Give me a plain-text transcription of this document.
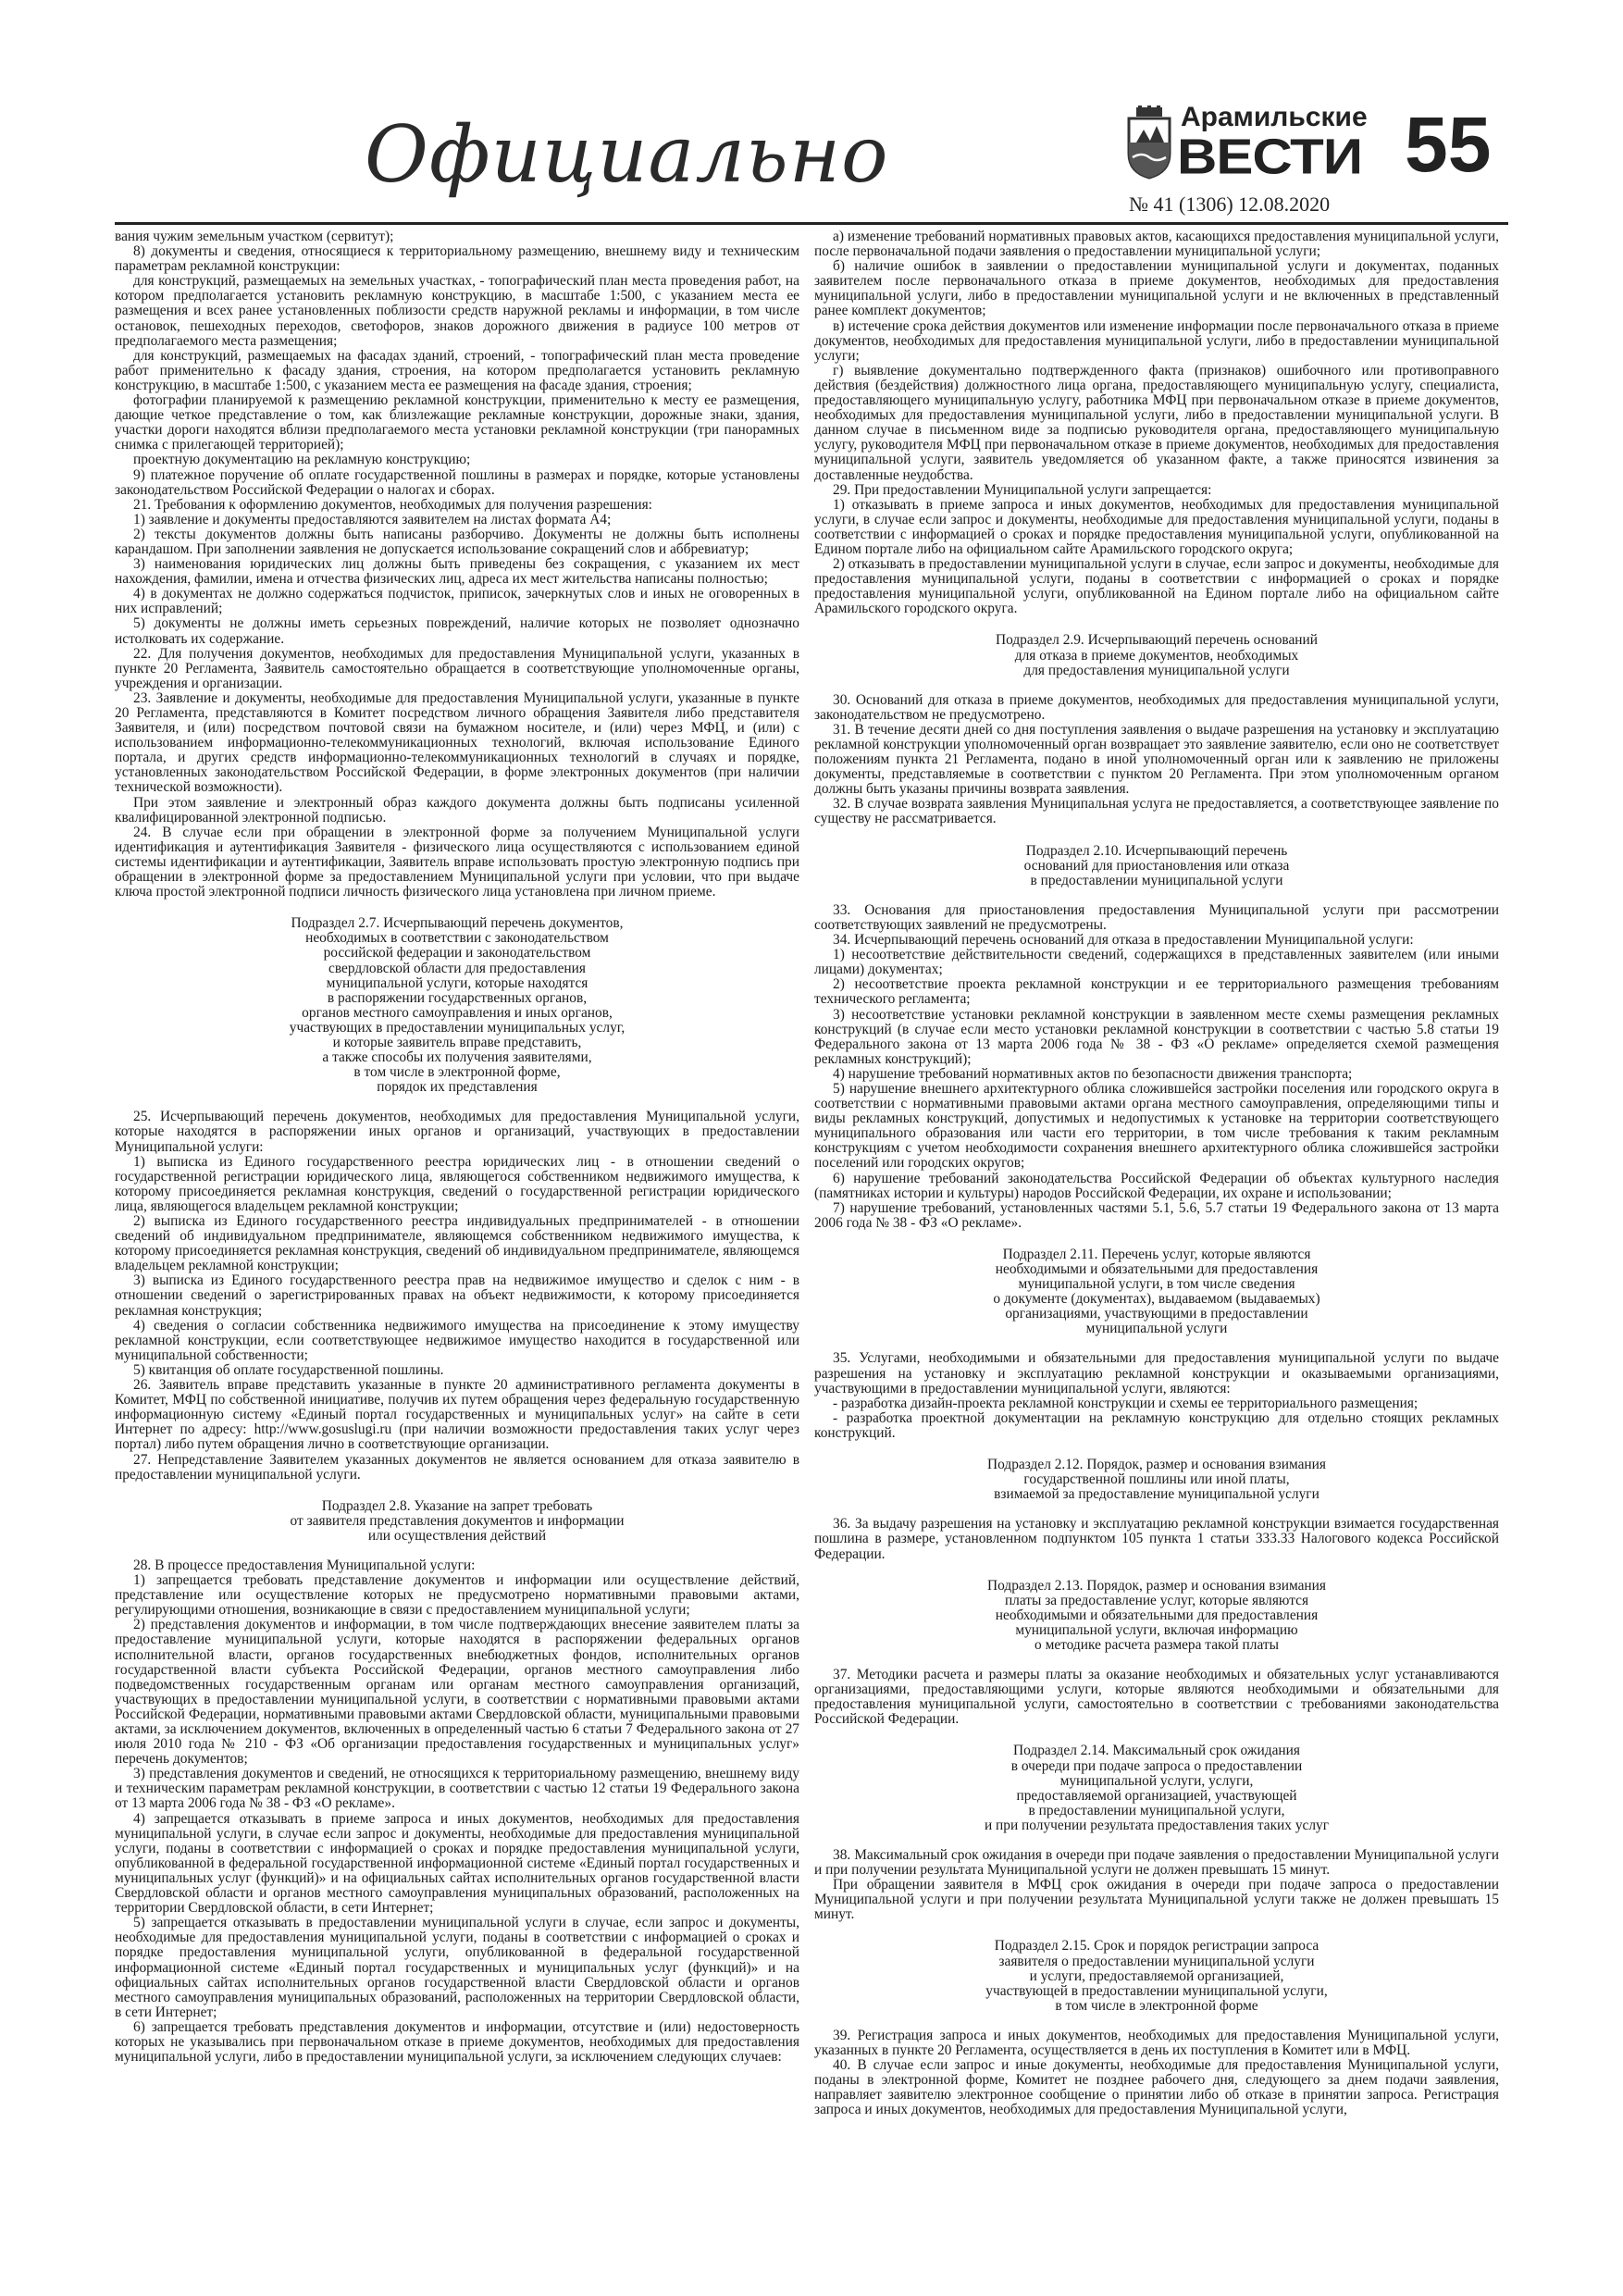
Официально	Арамильские
ВЕСТИ
№ 41 (1306) 12.08.2020
55

вания чужим земельным участком (сервитут);

8) документы и сведения, относящиеся к территориальному размещению, внешнему виду и техническим параметрам рекламной конструкции:

для конструкций, размещаемых на земельных участках, - топографический план места проведения работ, на котором предполагается установить рекламную конструкцию, в масштабе 1:500, с указанием места ее размещения и всех ранее установленных поблизости средств наружной рекламы и информации, в том числе остановок, пешеходных переходов, светофоров, знаков дорожного движения в радиусе 100 метров от предполагаемого места размещения;

для конструкций, размещаемых на фасадах зданий, строений, - топографический план места проведение работ применительно к фасаду здания, строения, на котором предполагается установить рекламную конструкцию, в масштабе 1:500, с указанием места ее размещения на фасаде здания, строения;

фотографии планируемой к размещению рекламной конструкции, применительно к месту ее размещения, дающие четкое представление о том, как близлежащие рекламные конструкции, дорожные знаки, здания, участки дороги находятся вблизи предполагаемого места установки рекламной конструкции (три панорамных снимка с прилегающей территорией);

проектную документацию на рекламную конструкцию;

9) платежное поручение об оплате государственной пошлины в размерах и порядке, которые установлены законодательством Российской Федерации о налогах и сборах.

21. Требования к оформлению документов, необходимых для получения разрешения:

1) заявление и документы предоставляются заявителем на листах формата А4;

2) тексты документов должны быть написаны разборчиво. Документы не должны быть исполнены карандашом. При заполнении заявления не допускается использование сокращений слов и аббревиатур;

3) наименования юридических лиц должны быть приведены без сокращения, с указанием их мест нахождения, фамилии, имена и отчества физических лиц, адреса их мест жительства написаны полностью;

4) в документах не должно содержаться подчисток, приписок, зачеркнутых слов и иных не оговоренных в них исправлений;

5) документы не должны иметь серьезных повреждений, наличие которых не позволяет однозначно истолковать их содержание.

22. Для получения документов, необходимых для предоставления Муниципальной услуги, указанных в пункте 20 Регламента, Заявитель самостоятельно обращается в соответствующие уполномоченные органы, учреждения и организации.

23. Заявление и документы, необходимые для предоставления Муниципальной услуги, указанные в пункте 20 Регламента, представляются в Комитет посредством личного обращения Заявителя либо представителя Заявителя, и (или) посредством почтовой связи на бумажном носителе, и (или) через МФЦ, и (или) с использованием информационно-телекоммуникационных технологий, включая использование Единого портала, и других средств информационно-телекоммуникационных технологий в случаях и порядке, установленных законодательством Российской Федерации, в форме электронных документов (при наличии технической возможности).

При этом заявление и электронный образ каждого документа должны быть подписаны усиленной квалифицированной электронной подписью.

24. В случае если при обращении в электронной форме за получением Муниципальной услуги идентификация и аутентификация Заявителя - физического лица осуществляются с использованием единой системы идентификации и аутентификации, Заявитель вправе использовать простую электронную подпись при обращении в электронной форме за предоставлением Муниципальной услуги при условии, что при выдаче ключа простой электронной подписи личность физического лица установлена при личном приеме.

Подраздел 2.7. Исчерпывающий перечень документов,
необходимых в соответствии с законодательством
российской федерации и законодательством
свердловской области для предоставления
муниципальной услуги, которые находятся
в распоряжении государственных органов,
органов местного самоуправления и иных органов,
участвующих в предоставлении муниципальных услуг,
и которые заявитель вправе представить,
а также способы их получения заявителями,
в том числе в электронной форме,
порядок их представления

25. Исчерпывающий перечень документов, необходимых для предоставления Муниципальной услуги, которые находятся в распоряжении иных органов и организаций, участвующих в предоставлении Муниципальной услуги:

1) выписка из Единого государственного реестра юридических лиц - в отношении сведений о государственной регистрации юридического лица, являющегося собственником недвижимого имущества, к которому присоединяется рекламная конструкция, сведений о государственной регистрации юридического лица, являющегося владельцем рекламной конструкции;

2) выписка из Единого государственного реестра индивидуальных предпринимателей - в отношении сведений об индивидуальном предпринимателе, являющемся собственником недвижимого имущества, к которому присоединяется рекламная конструкция, сведений об индивидуальном предпринимателе, являющемся владельцем рекламной конструкции;

3) выписка из Единого государственного реестра прав на недвижимое имущество и сделок с ним - в отношении сведений о зарегистрированных правах на объект недвижимости, к которому присоединяется рекламная конструкция;

4) сведения о согласии собственника недвижимого имущества на присоединение к этому имуществу рекламной конструкции, если соответствующее недвижимое имущество находится в государственной или муниципальной собственности;

5) квитанция об оплате государственной пошлины.

26. Заявитель вправе представить указанные в пункте 20 административного регламента документы в Комитет, МФЦ по собственной инициативе, получив их путем обращения через федеральную государственную информационную систему «Единый портал государственных и муниципальных услуг» на сайте в сети Интернет по адресу: http://www.gosuslugi.ru (при наличии возможности предоставления таких услуг через портал) либо путем обращения лично в соответствующие организации.

27. Непредставление Заявителем указанных документов не является основанием для отказа заявителю в предоставлении муниципальной услуги.

Подраздел 2.8. Указание на запрет требовать
от заявителя представления документов и информации
или осуществления действий

28. В процессе предоставления Муниципальной услуги:

1) запрещается требовать представление документов и информации или осуществление действий, представление или осуществление которых не предусмотрено нормативными правовыми актами, регулирующими отношения, возникающие в связи с предоставлением муниципальной услуги;

2) представления документов и информации, в том числе подтверждающих внесение заявителем платы за предоставление муниципальной услуги, которые находятся в распоряжении федеральных органов исполнительной власти, органов государственных внебюджетных фондов, исполнительных органов государственной власти субъекта Российской Федерации, органов местного самоуправления либо подведомственных государственным органам или органам местного самоуправления организаций, участвующих в предоставлении муниципальной услуги, в соответствии с нормативными правовыми актами Российской Федерации, нормативными правовыми актами Свердловской области, муниципальными правовыми актами, за исключением документов, включенных в определенный частью 6 статьи 7 Федерального закона от 27 июля 2010 года № 210 - ФЗ «Об организации предоставления государственных и муниципальных услуг» перечень документов;

3) представления документов и сведений, не относящихся к территориальному размещению, внешнему виду и техническим параметрам рекламной конструкции, в соответствии с частью 12 статьи 19 Федерального закона от 13 марта 2006 года № 38 - ФЗ «О рекламе».

4) запрещается отказывать в приеме запроса и иных документов, необходимых для предоставления муниципальной услуги, в случае если запрос и документы, необходимые для предоставления муниципальной услуги, поданы в соответствии с информацией о сроках и порядке предоставления муниципальной услуги, опубликованной в федеральной государственной информационной системе «Единый портал государственных и муниципальных услуг (функций)» и на официальных сайтах исполнительных органов государственной власти Свердловской области и органов местного самоуправления муниципальных образований, расположенных на территории Свердловской области, в сети Интернет;

5) запрещается отказывать в предоставлении муниципальной услуги в случае, если запрос и документы, необходимые для предоставления муниципальной услуги, поданы в соответствии с информацией о сроках и порядке предоставления муниципальной услуги, опубликованной в федеральной государственной информационной системе «Единый портал государственных и муниципальных услуг (функций)» и на официальных сайтах исполнительных органов государственной власти Свердловской области и органов местного самоуправления муниципальных образований, расположенных на территории Свердловской области, в сети Интернет;

6) запрещается требовать представления документов и информации, отсутствие и (или) недостоверность которых не указывались при первоначальном отказе в приеме документов, необходимых для предоставления муниципальной услуги, либо в предоставлении муниципальной услуги, за исключением следующих случаев:

а) изменение требований нормативных правовых актов, касающихся предоставления муниципальной услуги, после первоначальной подачи заявления о предоставлении муниципальной услуги;

б) наличие ошибок в заявлении о предоставлении муниципальной услуги и документах, поданных заявителем после первоначального отказа в приеме документов, необходимых для предоставления муниципальной услуги, либо в предоставлении муниципальной услуги и не включенных в представленный ранее комплект документов;

в) истечение срока действия документов или изменение информации после первоначального отказа в приеме документов, необходимых для предоставления муниципальной услуги, либо в предоставлении муниципальной услуги;

г) выявление документально подтвержденного факта (признаков) ошибочного или противоправного действия (бездействия) должностного лица органа, предоставляющего муниципальную услугу, специалиста, предоставляющего муниципальную услугу, работника МФЦ при первоначальном отказе в приеме документов, необходимых для предоставления муниципальной услуги, либо в предоставлении муниципальной услуги. В данном случае в письменном виде за подписью руководителя органа, предоставляющего муниципальную услугу, руководителя МФЦ при первоначальном отказе в приеме документов, необходимых для предоставления муниципальной услуги, заявитель уведомляется об указанном факте, а также приносятся извинения за доставленные неудобства.

29. При предоставлении Муниципальной услуги запрещается:

1) отказывать в приеме запроса и иных документов, необходимых для предоставления муниципальной услуги, в случае если запрос и документы, необходимые для предоставления муниципальной услуги, поданы в соответствии с информацией о сроках и порядке предоставления муниципальной услуги, опубликованной на Едином портале либо на официальном сайте Арамильского городского округа;

2) отказывать в предоставлении муниципальной услуги в случае, если запрос и документы, необходимые для предоставления муниципальной услуги, поданы в соответствии с информацией о сроках и порядке предоставления муниципальной услуги, опубликованной на Едином портале либо на официальном сайте Арамильского городского округа.

Подраздел 2.9. Исчерпывающий перечень оснований
для отказа в приеме документов, необходимых
для предоставления муниципальной услуги

30. Оснований для отказа в приеме документов, необходимых для предоставления муниципальной услуги, законодательством не предусмотрено.

31. В течение десяти дней со дня поступления заявления о выдаче разрешения на установку и эксплуатацию рекламной конструкции уполномоченный орган возвращает это заявление заявителю, если оно не соответствует положениям пункта 21 Регламента, подано в иной уполномоченный орган или к заявлению не приложены документы, представляемые в соответствии с пунктом 20 Регламента. При этом уполномоченным органом должны быть указаны причины возврата заявления.

32. В случае возврата заявления Муниципальная услуга не предоставляется, а соответствующее заявление по существу не рассматривается.

Подраздел 2.10. Исчерпывающий перечень
оснований для приостановления или отказа
в предоставлении муниципальной услуги

33. Основания для приостановления предоставления Муниципальной услуги при рассмотрении соответствующих заявлений не предусмотрены.

34. Исчерпывающий перечень оснований для отказа в предоставлении Муниципальной услуги:

1) несоответствие действительности сведений, содержащихся в представленных заявителем (или иными лицами) документах;

2) несоответствие проекта рекламной конструкции и ее территориального размещения требованиям технического регламента;

3) несоответствие установки рекламной конструкции в заявленном месте схемы размещения рекламных конструкций (в случае если место установки рекламной конструкции в соответствии с частью 5.8 статьи 19 Федерального закона от 13 марта 2006 года № 38 - ФЗ «О рекламе» определяется схемой размещения рекламных конструкций);

4) нарушение требований нормативных актов по безопасности движения транспорта;

5) нарушение внешнего архитектурного облика сложившейся застройки поселения или городского округа в соответствии с нормативными правовыми актами органа местного самоуправления, определяющими типы и виды рекламных конструкций, допустимых и недопустимых к установке на территории соответствующего муниципального образования или части его территории, в том числе требования к таким рекламным конструкциям с учетом необходимости сохранения внешнего архитектурного облика сложившейся застройки поселений или городских округов;

6) нарушение требований законодательства Российской Федерации об объектах культурного наследия (памятниках истории и культуры) народов Российской Федерации, их охране и использовании;

7) нарушение требований, установленных частями 5.1, 5.6, 5.7 статьи 19 Федерального закона от 13 марта 2006 года № 38 - ФЗ «О рекламе».

Подраздел 2.11. Перечень услуг, которые являются
необходимыми и обязательными для предоставления
муниципальной услуги, в том числе сведения
о документе (документах), выдаваемом (выдаваемых)
организациями, участвующими в предоставлении
муниципальной услуги

35. Услугами, необходимыми и обязательными для предоставления муниципальной услуги по выдаче разрешения на установку и эксплуатацию рекламной конструкции и оказываемыми организациями, участвующими в предоставлении муниципальной услуги, являются:

- разработка дизайн-проекта рекламной конструкции и схемы ее территориального размещения;

- разработка проектной документации на рекламную конструкцию для отдельно стоящих рекламных конструкций.

Подраздел 2.12. Порядок, размер и основания взимания
государственной пошлины или иной платы,
взимаемой за предоставление муниципальной услуги

36. За выдачу разрешения на установку и эксплуатацию рекламной конструкции взимается государственная пошлина в размере, установленном подпунктом 105 пункта 1 статьи 333.33 Налогового кодекса Российской Федерации.

Подраздел 2.13. Порядок, размер и основания взимания
платы за предоставление услуг, которые являются
необходимыми и обязательными для предоставления
муниципальной услуги, включая информацию
о методике расчета размера такой платы

37. Методики расчета и размеры платы за оказание необходимых и обязательных услуг устанавливаются организациями, предоставляющими услуги, которые являются необходимыми и обязательными для предоставления муниципальной услуги, самостоятельно в соответствии с требованиями законодательства Российской Федерации.

Подраздел 2.14. Максимальный срок ожидания
в очереди при подаче запроса о предоставлении
муниципальной услуги, услуги,
предоставляемой организацией, участвующей
в предоставлении муниципальной услуги,
и при получении результата предоставления таких услуг

38. Максимальный срок ожидания в очереди при подаче заявления о предоставлении Муниципальной услуги и при получении результата Муниципальной услуги не должен превышать 15 минут.

При обращении заявителя в МФЦ срок ожидания в очереди при подаче запроса о предоставлении Муниципальной услуги и при получении результата Муниципальной услуги также не должен превышать 15 минут.

Подраздел 2.15. Срок и порядок регистрации запроса
заявителя о предоставлении муниципальной услуги
и услуги, предоставляемой организацией,
участвующей в предоставлении муниципальной услуги,
в том числе в электронной форме

39. Регистрация запроса и иных документов, необходимых для предоставления Муниципальной услуги, указанных в пункте 20 Регламента, осуществляется в день их поступления в Комитет или в МФЦ.

40. В случае если запрос и иные документы, необходимые для предоставления Муниципальной услуги, поданы в электронной форме, Комитет не позднее рабочего дня, следующего за днем подачи заявления, направляет заявителю электронное сообщение о принятии либо об отказе в принятии запроса. Регистрация запроса и иных документов, необходимых для предоставления Муниципальной услуги,
